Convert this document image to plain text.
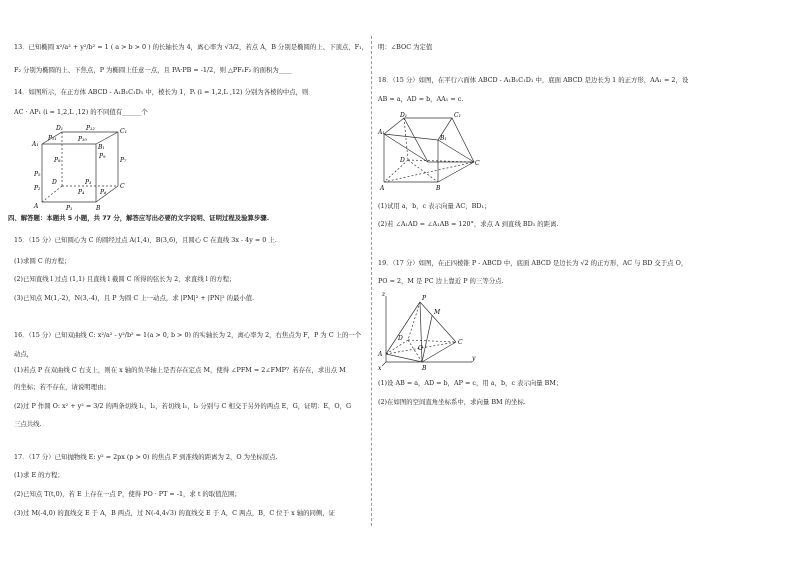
13．已知椭圆 x²/a² + y²/b² = 1 ( a > b > 0 ) 的长轴长为 4，离心率为 √3/2，若点 A，B 分别是椭圆的上、下顶点，F₁，
F₂ 分别为椭圆的上、下焦点，P 为椭圆上任意一点，且 PA·PB = -1/2，则 △PF₁F₂ 的面积为____
14．如图所示，在正方体 ABCD - A₁B₁C₁D₁ 中，棱长为 1，Pᵢ (i = 1,2,L ,12) 分别为各棱的中点，则
AC · AP₁ (i = 1,2,L ,12) 的不同值有______个
D₁	P₁₂	C₁
A₁
P₁₁	P₁₀
B₁
P₉
P₈	P₇
D	P₃
C
P₅
P₂
P₄	P₆
A	P₁	B
四、解答题：本题共 5 小题，共 77 分，解答应写出必要的文字说明、证明过程及验算步骤.
15．（15 分）已知圆心为 C 的圆经过点 A(1,4)，B(3,6)，且圆心 C 在直线 3x - 4y = 0 上.
(1)求圆 C 的方程；
(2)已知直线 l 过点 (1,1) 且直线 l 截圆 C 所得的弦长为 2，求直线 l 的方程；
(3)已知点 M(1,-2)，N(3,-4)，且 P 为圆 C 上一动点，求 |PM|² + |PN|² 的最小值.
16．（15 分）已知双曲线 C: x²/a² - y²/b² = 1(a > 0, b > 0) 的实轴长为 2，离心率为 2，右焦点为 F，P 为 C 上的一个
动点，
(1)若点 P 在双曲线 C 右支上，则在 x 轴的负半轴上是否存在定点 M，使得 ∠PFM = 2∠FMP？若存在，求出点 M
的坐标；若不存在，请说明理由；
(2)过 P 作圆 O: x² + y² = 3/2 的两条切线 l₁，l₂，若切线 l₁，l₂ 分别与 C 相交于另外的两点 E，G，证明：E，O，G
三点共线.
17．（17 分）已知抛物线 E: y² = 2px (p > 0) 的焦点 F 到准线的距离为 2，O 为坐标原点.
(1)求 E 的方程；
(2)已知点 T(t,0)，若 E 上存在一点 P，使得 PO · PT = -1，求 t 的取值范围；
(3)过 M(-4,0) 的直线交 E 于 A，B 两点，过 N(-4,4√3) 的直线交 E 于 A，C 两点，B，C 位于 x 轴的同侧，证
明：∠BOC 为定值
18．（15 分）如图，在平行六面体 ABCD - A₁B₁C₁D₁ 中，底面 ABCD 是边长为 1 的正方形，AA₁ = 2，设
AB = a，AD = b，AA₁ = c.
D₁	C₁
A₁
B₁
D	C
A	B
(1)试用 a，b，c 表示向量 AC，BD₁；
(2)若 ∠A₁AD = ∠A₁AB = 120°，求点 A 到直线 BD₁ 的距离.
19．（17 分）如图，在正四棱锥 P - ABCD 中，底面 ABCD 是边长为 √2 的正方形，AC 与 BD 交于点 O，
PO = 2，M 是 PC 边上靠近 P 的三等分点.
z
P
M
D
O
C
A
B
y
x
(1)设 AB = a，AD = b，AP = c，用 a，b，c 表示向量 BM；
(2)在如图的空间直角坐标系中，求向量 BM 的坐标.
